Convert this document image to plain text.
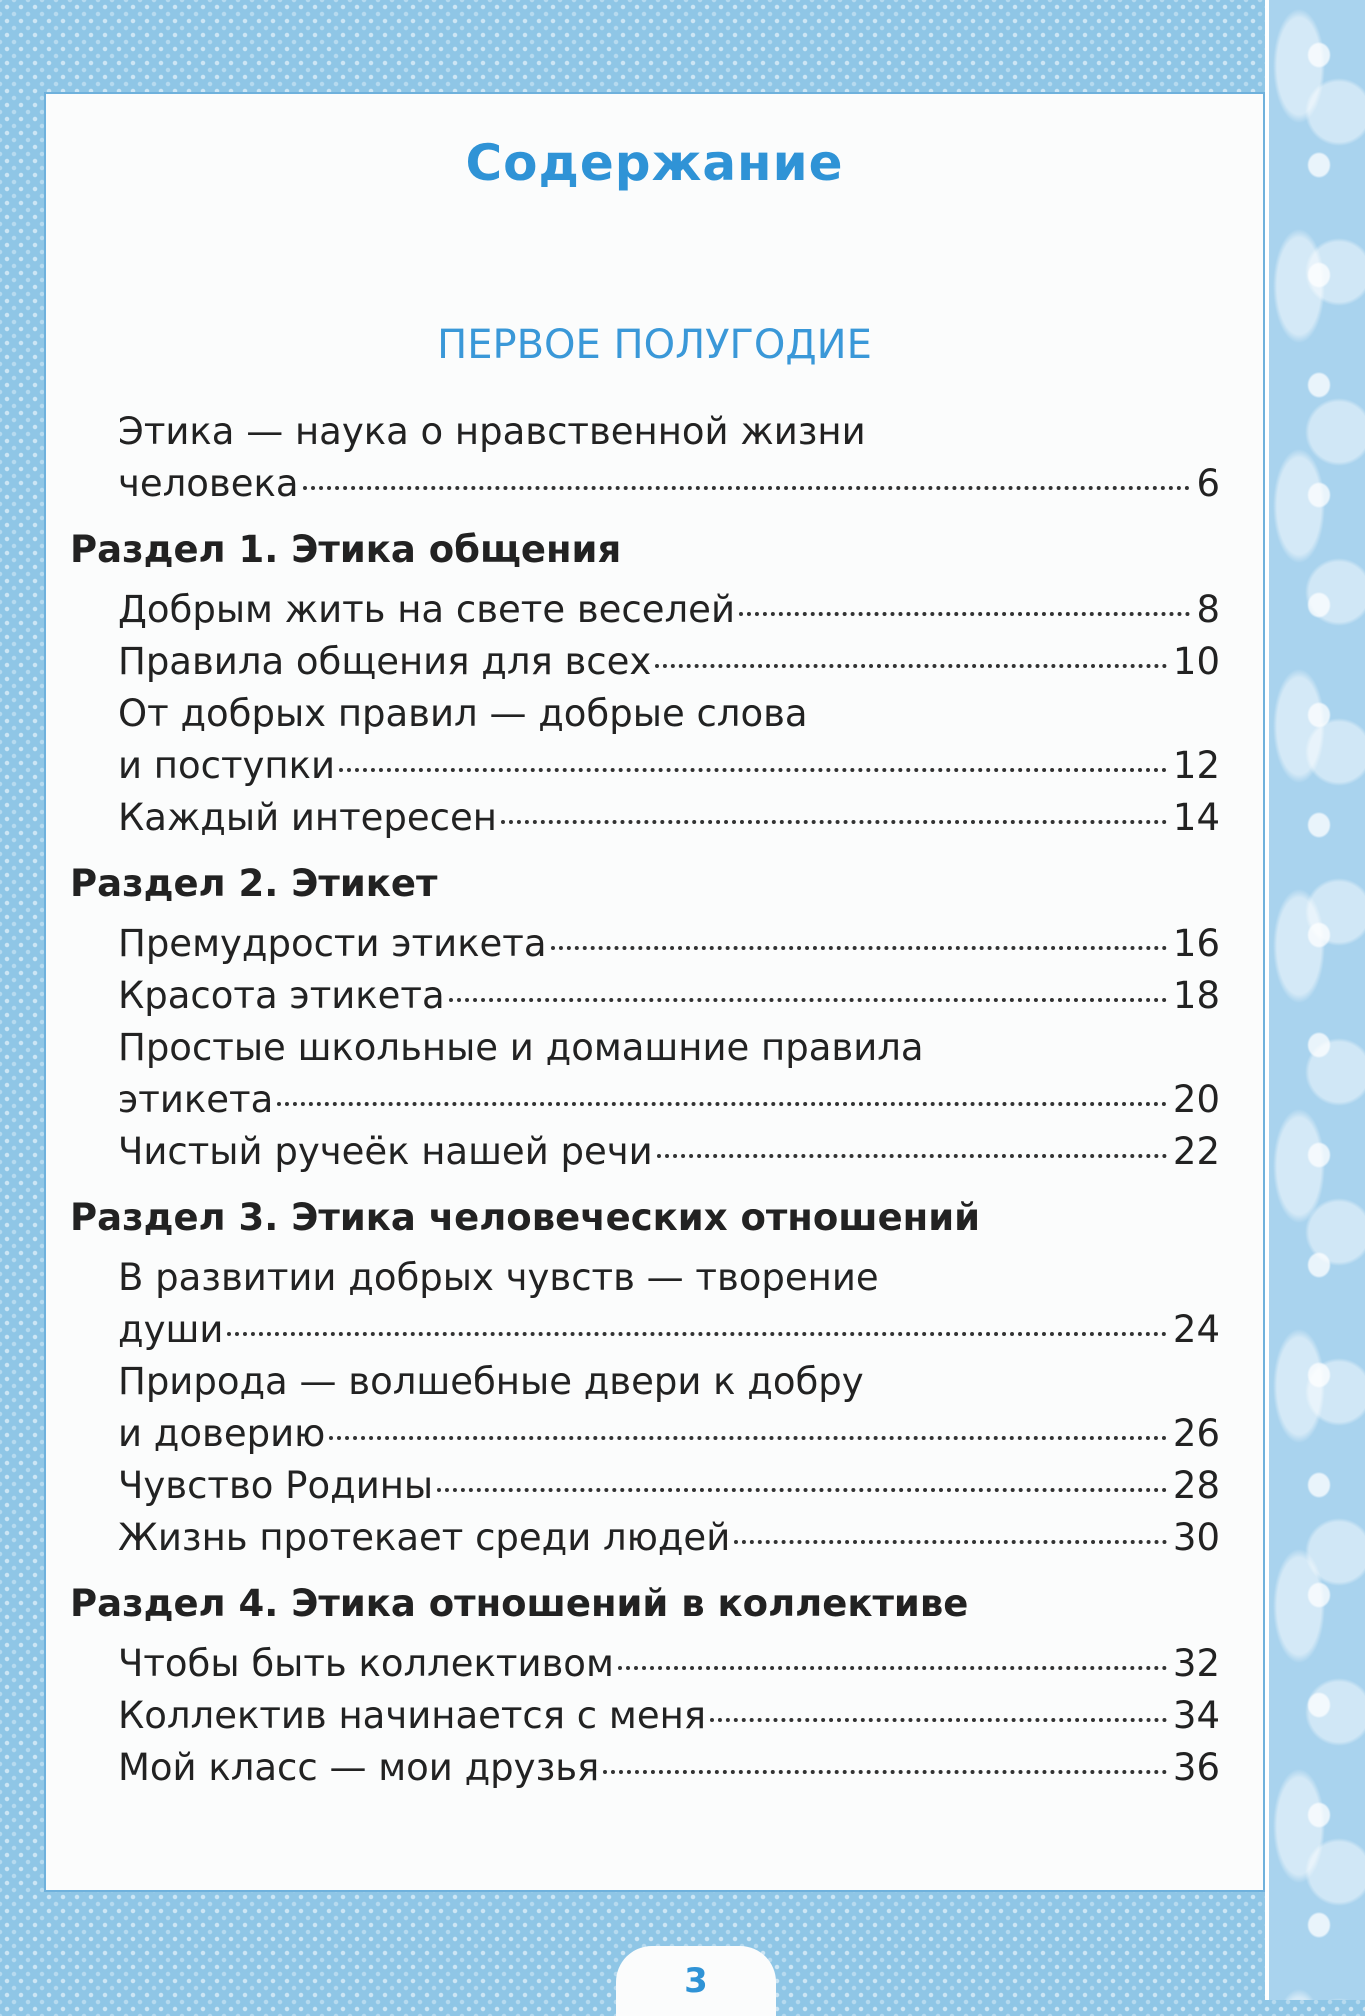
Содержание
ПЕРВОЕ ПОЛУГОДИЕ
Этика — наука о нравственной жизни
человека	6
Раздел 1. Этика общения
Добрым жить на свете веселей	8
Правила общения для всех	10
От добрых правил — добрые слова
и поступки	12
Каждый интересен	14
Раздел 2. Этикет
Премудрости этикета	16
Красота этикета	18
Простые школьные и домашние правила
этикета	20
Чистый ручеёк нашей речи	22
Раздел 3. Этика человеческих отношений
В развитии добрых чувств — творение
души	24
Природа — волшебные двери к добру
и доверию	26
Чувство Родины	28
Жизнь протекает среди людей	30
Раздел 4. Этика отношений в коллективе
Чтобы быть коллективом	32
Коллектив начинается с меня	34
Мой класс — мои друзья	36
3
